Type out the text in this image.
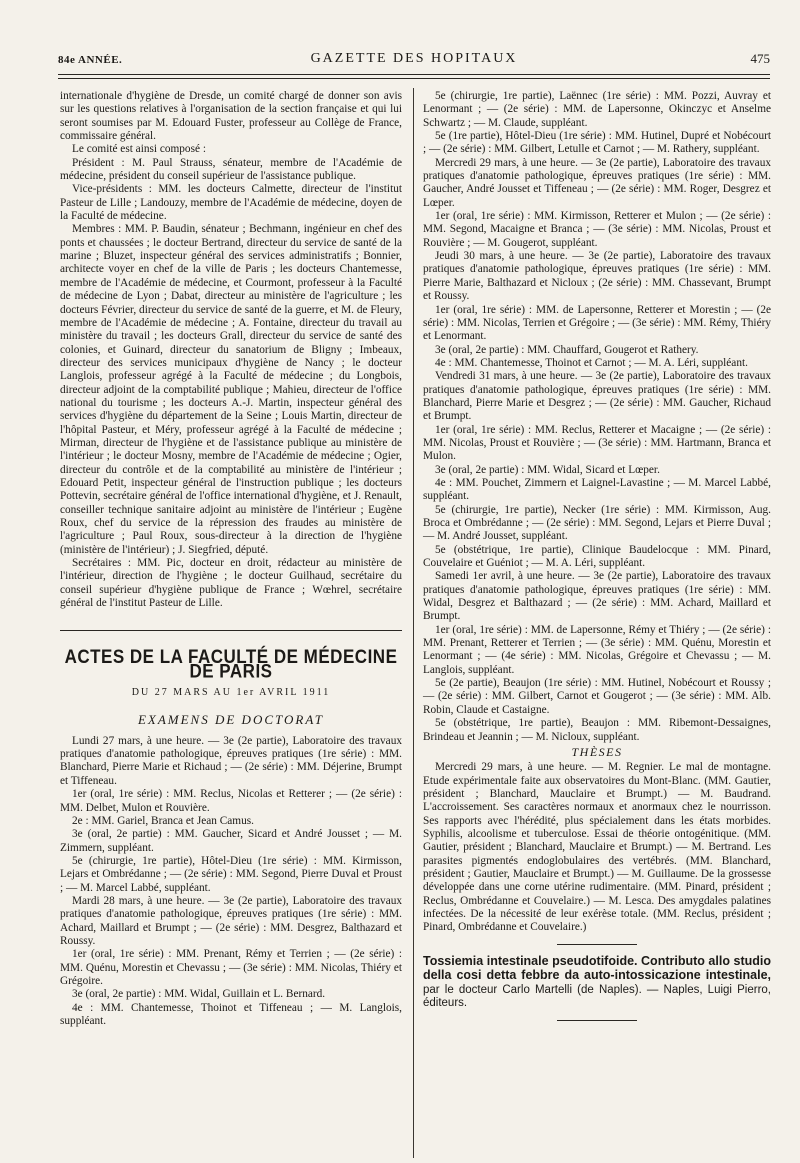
84e ANNÉE.	GAZETTE DES HOPITAUX	475

internationale d'hygiène de Dresde, un comité chargé de donner son avis sur les questions relatives à l'organisation de la section française et qui lui seront soumises par M. Edouard Fuster, professeur au Collège de France, commissaire général.

Le comité est ainsi composé :

Président : M. Paul Strauss, sénateur, membre de l'Académie de médecine, président du conseil supérieur de l'assistance publique.

Vice-présidents : MM. les docteurs Calmette, directeur de l'institut Pasteur de Lille ; Landouzy, membre de l'Académie de médecine, doyen de la Faculté de médecine.

Membres : MM. P. Baudin, sénateur ; Bechmann, ingénieur en chef des ponts et chaussées ; le docteur Bertrand, directeur du service de santé de la marine ; Bluzet, inspecteur général des services administratifs ; Bonnier, architecte voyer en chef de la ville de Paris ; les docteurs Chantemesse, membre de l'Académie de médecine, et Courmont, professeur à la Faculté de médecine de Lyon ; Dabat, directeur au ministère de l'agriculture ; les docteurs Février, directeur du service de santé de la guerre, et M. de Fleury, membre de l'Académie de médecine ; A. Fontaine, directeur du travail au ministère du travail ; les docteurs Grall, directeur du service de santé des colonies, et Guinard, directeur du sanatorium de Bligny ; Imbeaux, directeur des services municipaux d'hygiène de Nancy ; le docteur Langlois, professeur agrégé à la Faculté de médecine ; du Longbois, directeur adjoint de la comptabilité publique ; Mahieu, directeur de l'office national du tourisme ; les docteurs A.-J. Martin, inspecteur général des services d'hygiène du département de la Seine ; Louis Martin, directeur de l'hôpital Pasteur, et Méry, professeur agrégé à la Faculté de médecine ; Mirman, directeur de l'hygiène et de l'assistance publique au ministère de l'intérieur ; le docteur Mosny, membre de l'Académie de médecine ; Ogier, directeur du contrôle et de la comptabilité au ministère de l'intérieur ; Edouard Petit, inspecteur général de l'instruction publique ; les docteurs Pottevin, secrétaire général de l'office international d'hygiène, et J. Renault, conseiller technique sanitaire adjoint au ministère de l'intérieur ; Eugène Roux, chef du service de la répression des fraudes au ministère de l'agriculture ; Paul Roux, sous-directeur à la direction de l'hygiène (ministère de l'intérieur) ; J. Siegfried, député.

Secrétaires : MM. Pic, docteur en droit, rédacteur au ministère de l'intérieur, direction de l'hygiène ; le docteur Guilhaud, secrétaire du conseil supérieur d'hygiène publique de France ; Wœhrel, secrétaire général de l'institut Pasteur de Lille.

ACTES DE LA FACULTÉ DE MÉDECINE DE PARIS
DU 27 MARS AU 1er AVRIL 1911
EXAMENS DE DOCTORAT

Lundi 27 mars, à une heure. — 3e (2e partie), Laboratoire des travaux pratiques d'anatomie pathologique, épreuves pratiques (1re série) : MM. Blanchard, Pierre Marie et Richaud ; — (2e série) : MM. Déjerine, Brumpt et Tiffeneau.

1er (oral, 1re série) : MM. Reclus, Nicolas et Retterer ; — (2e série) : MM. Delbet, Mulon et Rouvière.

2e : MM. Gariel, Branca et Jean Camus.

3e (oral, 2e partie) : MM. Gaucher, Sicard et André Jousset ; — M. Zimmern, suppléant.

5e (chirurgie, 1re partie), Hôtel-Dieu (1re série) : MM. Kirmisson, Lejars et Ombrédanne ; — (2e série) : MM. Segond, Pierre Duval et Proust ; — M. Marcel Labbé, suppléant.

Mardi 28 mars, à une heure. — 3e (2e partie), Laboratoire des travaux pratiques d'anatomie pathologique, épreuves pratiques (1re série) : MM. Achard, Maillard et Brumpt ; — (2e série) : MM. Desgrez, Balthazard et Roussy.

1er (oral, 1re série) : MM. Prenant, Rémy et Terrien ; — (2e série) : MM. Quénu, Morestin et Chevassu ; — (3e série) : MM. Nicolas, Thiéry et Grégoire.

3e (oral, 2e partie) : MM. Widal, Guillain et L. Bernard.

4e : MM. Chantemesse, Thoinot et Tiffeneau ; — M. Langlois, suppléant.

5e (chirurgie, 1re partie), Laënnec (1re série) : MM. Pozzi, Auvray et Lenormant ; — (2e série) : MM. de Lapersonne, Okinczyc et Anselme Schwartz ; — M. Claude, suppléant.

5e (1re partie), Hôtel-Dieu (1re série) : MM. Hutinel, Dupré et Nobécourt ; — (2e série) : MM. Gilbert, Letulle et Carnot ; — M. Rathery, suppléant.

Mercredi 29 mars, à une heure. — 3e (2e partie), Laboratoire des travaux pratiques d'anatomie pathologique, épreuves pratiques (1re série) : MM. Gaucher, André Jousset et Tiffeneau ; — (2e série) : MM. Roger, Desgrez et Lœper.

1er (oral, 1re série) : MM. Kirmisson, Retterer et Mulon ; — (2e série) : MM. Segond, Macaigne et Branca ; — (3e série) : MM. Nicolas, Proust et Rouvière ; — M. Gougerot, suppléant.

Jeudi 30 mars, à une heure. — 3e (2e partie), Laboratoire des travaux pratiques d'anatomie pathologique, épreuves pratiques (1re série) : MM. Pierre Marie, Balthazard et Nicloux ; (2e série) : MM. Chassevant, Brumpt et Roussy.

1er (oral, 1re série) : MM. de Lapersonne, Retterer et Morestin ; — (2e série) : MM. Nicolas, Terrien et Grégoire ; — (3e série) : MM. Rémy, Thiéry et Lenormant.

3e (oral, 2e partie) : MM. Chauffard, Gougerot et Rathery.

4e : MM. Chantemesse, Thoinot et Carnot ; — M. A. Léri, suppléant.

Vendredi 31 mars, à une heure. — 3e (2e partie), Laboratoire des travaux pratiques d'anatomie pathologique, épreuves pratiques (1re série) : MM. Blanchard, Pierre Marie et Desgrez ; — (2e série) : MM. Gaucher, Richaud et Brumpt.

1er (oral, 1re série) : MM. Reclus, Retterer et Macaigne ; — (2e série) : MM. Nicolas, Proust et Rouvière ; — (3e série) : MM. Hartmann, Branca et Mulon.

3e (oral, 2e partie) : MM. Widal, Sicard et Lœper.

4e : MM. Pouchet, Zimmern et Laignel-Lavastine ; — M. Marcel Labbé, suppléant.

5e (chirurgie, 1re partie), Necker (1re série) : MM. Kirmisson, Aug. Broca et Ombrédanne ; — (2e série) : MM. Segond, Lejars et Pierre Duval ; — M. André Jousset, suppléant.

5e (obstétrique, 1re partie), Clinique Baudelocque : MM. Pinard, Couvelaire et Guéniot ; — M. A. Léri, suppléant.

Samedi 1er avril, à une heure. — 3e (2e partie), Laboratoire des travaux pratiques d'anatomie pathologique, épreuves pratiques (1re série) : MM. Widal, Desgrez et Balthazard ; — (2e série) : MM. Achard, Maillard et Brumpt.

1er (oral, 1re série) : MM. de Lapersonne, Rémy et Thiéry ; — (2e série) : MM. Prenant, Retterer et Terrien ; — (3e série) : MM. Quénu, Morestin et Lenormant ; — (4e série) : MM. Nicolas, Grégoire et Chevassu ; — M. Langlois, suppléant.

5e (2e partie), Beaujon (1re série) : MM. Hutinel, Nobécourt et Roussy ; — (2e série) : MM. Gilbert, Carnot et Gougerot ; — (3e série) : MM. Alb. Robin, Claude et Castaigne.

5e (obstétrique, 1re partie), Beaujon : MM. Ribemont-Dessaignes, Brindeau et Jeannin ; — M. Nicloux, suppléant.

THÈSES

Mercredi 29 mars, à une heure. — M. Regnier. Le mal de montagne. Etude expérimentale faite aux observatoires du Mont-Blanc. (MM. Gautier, président ; Blanchard, Mauclaire et Brumpt.) — M. Baudrand. L'accroissement. Ses caractères normaux et anormaux chez le nourrisson. Ses rapports avec l'hérédité, plus spécialement dans les états morbides. Syphilis, alcoolisme et tuberculose. Essai de théorie ontogénitique. (MM. Gautier, président ; Blanchard, Mauclaire et Brumpt.) — M. Bertrand. Les parasites pigmentés endoglobulaires des vertébrés. (MM. Blanchard, président ; Gautier, Mauclaire et Brumpt.) — M. Guillaume. De la grossesse développée dans une corne utérine rudimentaire. (MM. Pinard, président ; Reclus, Ombrédanne et Couvelaire.) — M. Lesca. Des amygdales palatines infectées. De la nécessité de leur exérèse totale. (MM. Reclus, président ; Pinard, Ombrédanne et Couvelaire.)

Tossiemia intestinale pseudotifoide. Contributo allo studio della cosi detta febbre da auto-intossicazione intestinale, par le docteur Carlo Martelli (de Naples). — Naples, Luigi Pierro, éditeurs.
